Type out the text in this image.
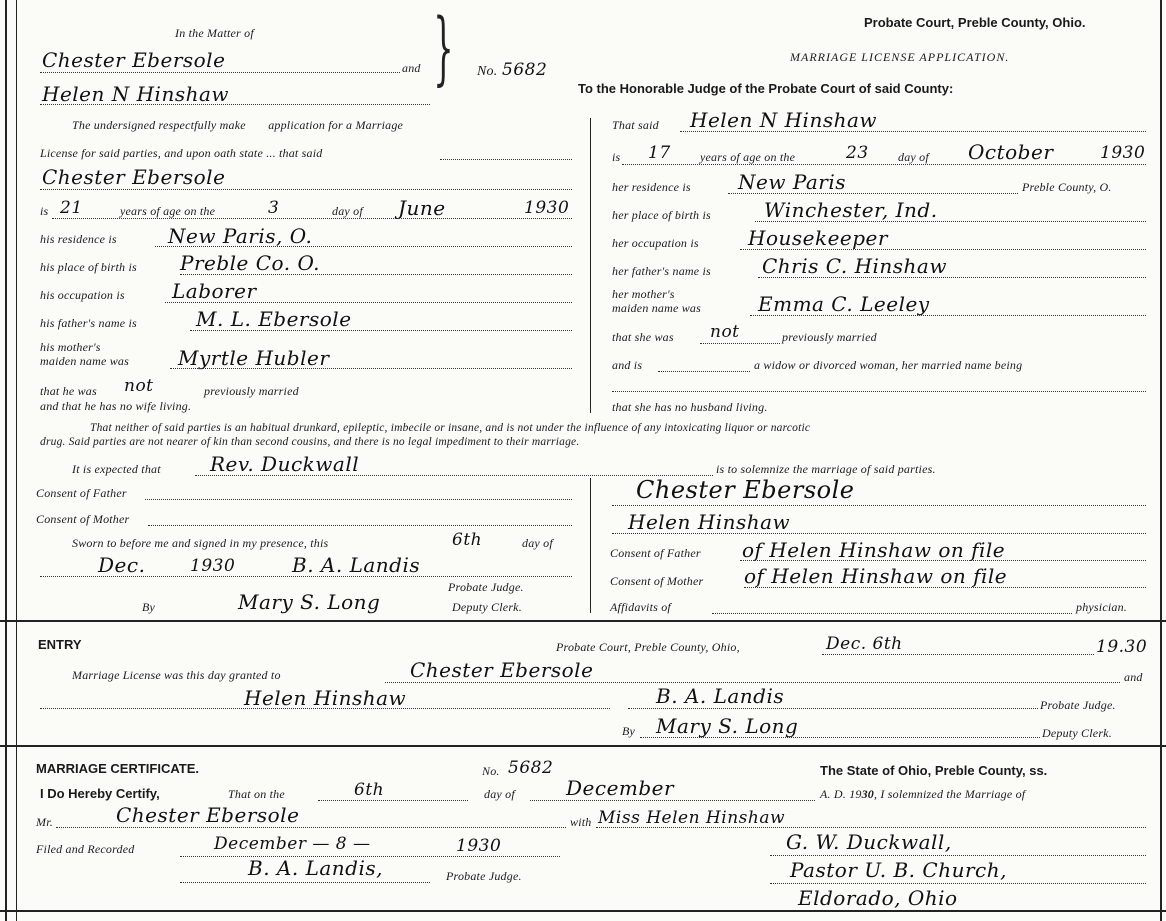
In the Matter of
Chester Ebersole	and
Helen N Hinshaw	} No. 5682
Probate Court, Preble County, Ohio.
MARRIAGE LICENSE APPLICATION.
To the Honorable Judge of the Probate Court of said County:
The undersigned respectfully make application for a Marriage
License for said parties, and upon oath state ... that said
Chester Ebersole
is 21	years of age on the	3	day of June	1930
his residence is	New Paris, O.
his place of birth is Preble Co. O.
his occupation is Laborer
his father's name is	M. L. Ebersole
his mother's
maiden name was Myrtle Hubler
that he was not	previously married
and that he has no wife living.
That said Helen N Hinshaw
is 17 years of age on the	23 day of October	1930
her residence is New Paris	Preble County, O.
her place of birth is	Winchester, Ind.
her occupation is Housekeeper
her father's name is	Chris C. Hinshaw
her mother's
maiden name was	Emma C. Leeley
that she was not	previously married
and is	a widow or divorced woman, her married name being
that she has no husband living.
That neither of said parties is an habitual drunkard, epileptic, imbecile or insane, and is not under the influence of any intoxicating liquor or narcotic
drug. Said parties are not nearer of kin than second cousins, and there is no legal impediment to their marriage.
It is expected that Rev. Duckwall	is to solemnize the marriage of said parties.
Consent of Father
Consent of Mother
Sworn to before me and signed in my presence, this	6th	day of
Dec.	1930	B. A. Landis
Probate Judge.
By	Mary S. Long	Deputy Clerk.
Chester Ebersole
Helen Hinshaw
Consent of Father of Helen Hinshaw on file
Consent of Mother of Helen Hinshaw on file
Affidavits of	physician.
ENTRY	Probate Court, Preble County, Ohio,	Dec. 6th	19.30
Marriage License was this day granted to	Chester Ebersole	and
Helen Hinshaw	B. A. Landis	Probate Judge.
By Mary S. Long	Deputy Clerk.
MARRIAGE CERTIFICATE.	No. 5682	The State of Ohio, Preble County, ss.
I Do Hereby Certify,	That on the	6th	day of	December	A. D. 1930, I solemnized the Marriage of
Mr.	Chester Ebersole	with Miss Helen Hinshaw
Filed and Recorded	December — 8 —	1930
B. A. Landis,	Probate Judge.
G. W. Duckwall,
Pastor U. B. Church,
Eldorado, Ohio
